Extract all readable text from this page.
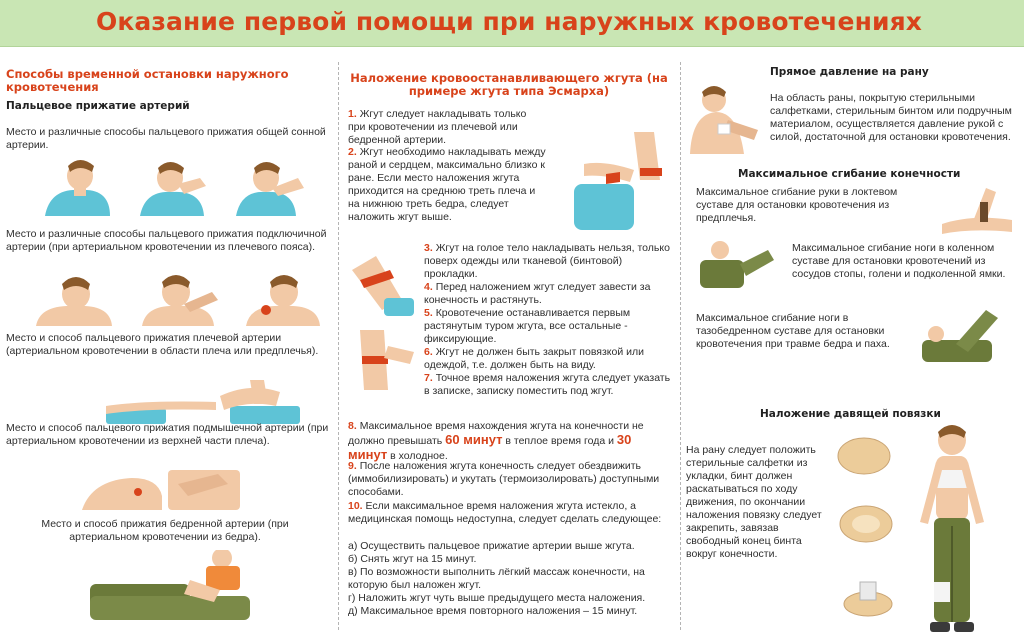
Оказание первой помощи при наружных кровотечениях
Способы временной остановки наружного кровотечения
Пальцевое прижатие артерий
Место и различные способы пальцевого прижатия общей сонной артерии.
Место и различные способы пальцевого прижатия подключичной артерии (при артериальном кровотечении из плечевого пояса).
Место и способ пальцевого прижатия плечевой артерии (артериальном кровотечении в области плеча или предплечья).
Место и способ пальцевого прижатия подмышечной артерии (при артериальном кровотечении из верхней части плеча).
Место и способ прижатия бедренной артерии (при артериальном кровотечении из бедра).
Наложение кровоостанавливающего жгута (на примере жгута типа Эсмарха)
1. Жгут следует накладывать только при кровотечении из плечевой или бедренной артерии.
2. Жгут необходимо накладывать между раной и сердцем, максимально близко к ране. Если место наложения жгута приходится на среднюю треть плеча и на нижнюю треть бедра, следует наложить жгут выше.
3. Жгут на голое тело накладывать нельзя, только поверх одежды или тканевой (бинтовой) прокладки.
4. Перед наложением жгут следует завести за конечность и растянуть.
5. Кровотечение останавливается первым растянутым туром жгута, все остальные - фиксирующие.
6. Жгут не должен быть закрыт повязкой или одеждой, т.е. должен быть на виду.
7. Точное время наложения жгута следует указать в записке, записку поместить под жгут.
8. Максимальное время нахождения жгута на конечности не должно превышать 60 минут в теплое время года и 30 минут в холодное.
9. После наложения жгута конечность следует обездвижить (иммобилизировать) и укутать (термоизолировать) доступными способами.
10. Если максимальное время наложения жгута истекло, а медицинская помощь недоступна, следует сделать следующее:
а) Осуществить пальцевое прижатие артерии выше жгута.
б) Снять жгут на 15 минут.
в) По возможности выполнить лёгкий массаж конечности, на которую был наложен жгут.
г) Наложить жгут чуть выше предыдущего места наложения.
д) Максимальное время повторного наложения – 15 минут.
Прямое давление на рану
На область раны, покрытую стерильными салфетками, стерильным бинтом или подручным материалом, осуществляется давление рукой с силой, достаточной для остановки кровотечения.
Максимальное сгибание конечности
Максимальное сгибание руки в локтевом суставе для остановки кровотечения из предплечья.
Максимальное сгибание ноги в коленном суставе для остановки кровотечений из сосудов стопы, голени и подколенной ямки.
Максимальное сгибание ноги в тазобедренном суставе для остановки кровотечения при травме бедра и паха.
Наложение давящей повязки
На рану следует положить стерильные салфетки из укладки, бинт должен раскатываться по ходу движения, по окончании наложения повязку следует закрепить, завязав свободный конец бинта вокруг конечности.
